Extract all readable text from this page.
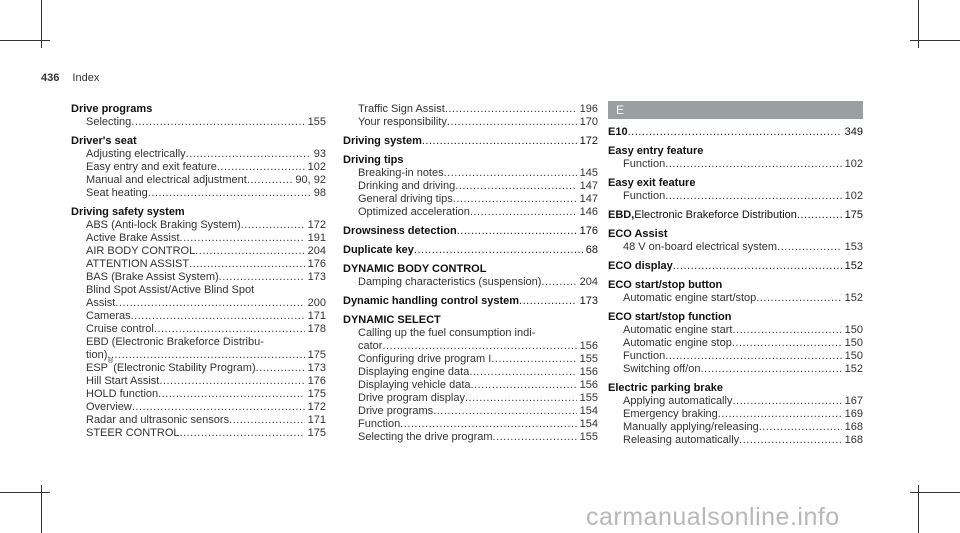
436 Index
Drive programs
Selecting .....	155
Driver's seat
Adjusting electrically .....	93
Easy entry and exit feature .....	102
Manual and electrical adjustment .....	90, 92
Seat heating .....	98
Driving safety system
ABS (Anti-lock Braking System) .....	172
Active Brake Assist .....	191
AIR BODY CONTROL .....	204
ATTENTION ASSIST .....	176
BAS (Brake Assist System) .....	173
Blind Spot Assist/Active Blind Spot
Assist .....	200
Cameras .....	171
Cruise control .....	178
EBD (Electronic Brakeforce Distribu-
tion) .....	175
ESP
®
(Electronic Stability Program) .....	173
Hill Start Assist .....	176
HOLD function .....	175
Overview .....	172
Radar and ultrasonic sensors .....	171
STEER CONTROL .....	175
Traffic Sign Assist .....	196
Your responsibility .....	170
Driving system .....	172
Driving tips
Breaking-in notes .....	145
Drinking and driving .....	147
General driving tips .....	147
Optimized acceleration .....	146
Drowsiness detection .....	176
Duplicate key .....	68
DYNAMIC BODY CONTROL
Damping characteristics (suspension) .....	204
Dynamic handling control system .....	173
DYNAMIC SELECT
Calling up the fuel consumption indi-
cator .....	156
Configuring drive program I .....	155
Displaying engine data .....	156
Displaying vehicle data .....	156
Drive program display .....	155
Drive programs .....	154
Function .....	154
Selecting the drive program .....	155
E
E10 .....	349
Easy entry feature
Function .....	102
Easy exit feature
Function .....	102
EBD, Electronic Brakeforce Distribution .....	175
ECO Assist
48 V on-board electrical system .....	153
ECO display .....	152
ECO start/stop button
Automatic engine start/stop .....	152
ECO start/stop function
Automatic engine start .....	150
Automatic engine stop .....	150
Function .....	150
Switching off/on .....	152
Electric parking brake
Applying automatically .....	167
Emergency braking .....	169
Manually applying/releasing .....	168
Releasing automatically .....	168
carmanualsonline.info
